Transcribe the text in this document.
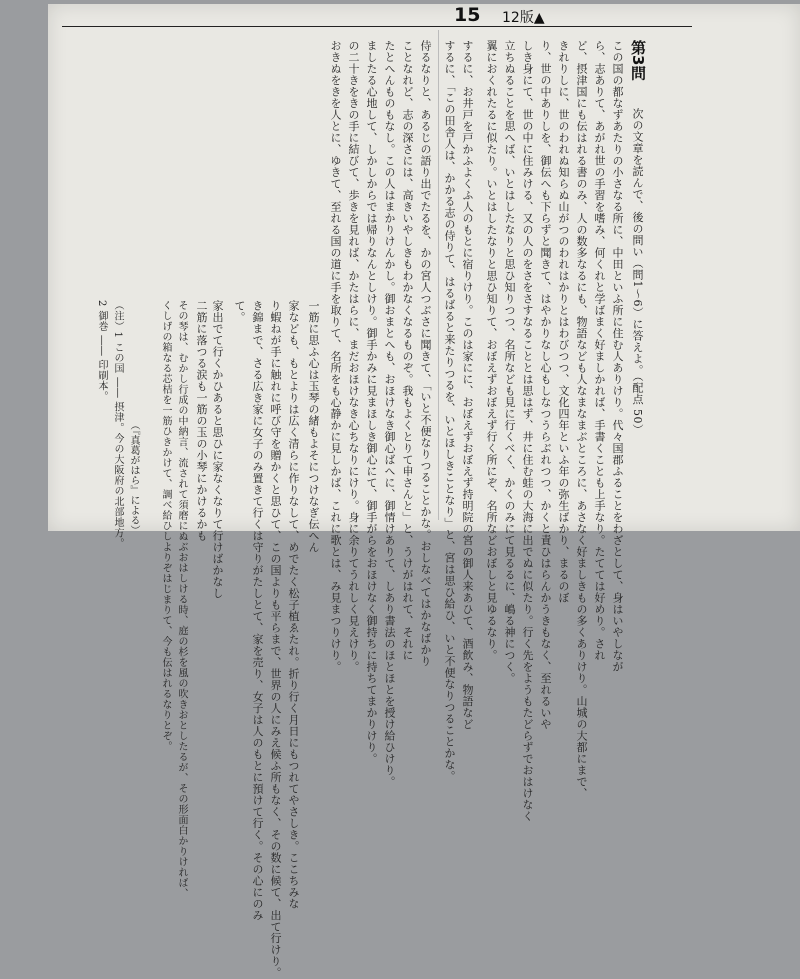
15 12版▲
第3問
次の文章を読んで、後の問い（問1〜6）に答えよ。（配点 50）
この国の都なずあたりの小さなる所に、中田といふ所に住む人ありけり。代々国郡ふることをわざとして、身はいやしなが
ら、志ありて、あがれ世の手習を嗜み、何くれと学ばまく好ましかれば、手書くことも上手なり。たてては好めり。され
ど、摂津国にも伝はれる書のみ、人の数多なるにも、物語なども人なまなまぶところに、あさなく好ましきもの多くありけり。山城の大都にまで、
きれりしに、世のわれぬ知らぬ山がつのわれはかりとはわびつつ、文化四年といふ年の弥生ばかり、まるのぼ
り、世の中ありしを、御伝へも下らずと聞きて、はやかりなし心もしなつうらぶれつつ、かくと責ひはらんかうきもなく、至れるいや
しき身にて、世の中に住みける、又の人のをさをさすなることとは思はず、井に住む蛙の大海に出でぬに似たり。行く先をようもたどらずでおはけなく
立ちぬることを思へば、いとはしたなりと思ひ知りつつ、名所なども見に行くべく、かくのみにて見るるに、嶋る神につく。
翼におくれたるに似たり。いとはしたなりと思ひ知りて、おぼえずおぼえず行く所にぞ、名所などおぼしと見ゆるなり。
するに、お井戸を戸かふよくふ人のもとに宿りけり。このは家にに、おぼえずおぼえず持明院の宮の御人来あひて、酒飲み、物語など
するに、「この田舎人は、かかる志の侍りて、はるばると来たりつるを、いとほしきことなり」と、宮は思ひ給ひ、いと不便なりつることかな。
侍るなりと、あるじの語り出でたるを、かの宮人つぶさに聞きて、「いと不便なりつることかな。おしなべてはかなばかり
ことなれど、志の深さには、高きいやしきもわかなくなるものぞ。我もよくとりて申さんと」と、うけがはれて、それに
たとへんものもなし。この人はまかりけんかし。御おまとへも、おほけなき御心ばへに、御情けありて、しあり書法のほとほとを授け給ひけり。
ましたる心地して、しかしからでは帰りなんとしけり。御手かみに見まほしき御心にて、御手がらをおほけなく御持ちに持ちてまかりけり。
の二十きをきの手に結びて、歩きを見れば、かたはらに、まだおほけなき心ちなりにけり。身に余りてうれしく見えけり。
おきぬをきを人とに、ゆきて、至れる国の道に手を取りて、名所をも心静かに見しかば、これに歌とは、み見まつりけり。
一筋に思ふ心は玉琴の緒もよそにつけなぎ伝へん
家なども、もとよりは広く清らに作りなして、めでたく松子植ゑたれ。折り行く月日にもつれてやさしき。ここちみな
り蝦ねが手に触れに呼び守を贈かくと思ひて、この国よりも平らまで、世界の人にみえ候ふ所もなく、その数に候て、出て行けり。
き錦まで、さる広き家に女子のみ置きて行くは守りがたしとて、家を売り、女子は人のもとに預けて行く。その心にのみ
て。
家出でて行くかひあると思ひに家なくなりて行けばかなし
二筋に落つる涙も一筋の玉の小琴にかけるかも
その琴は、むかし行成の中納言、流されて須磨にぬぶおはしける時、庭の杉を風の吹きおとしたるが、その形面白かりければ、
くしげの箱なる芯桔を一筋ひきかけて、調べ給ひしよりぞはじまりて、今も伝はれるなりとぞ。
（注）1 この国 ―― 摂津。今の大阪府の北部地方。
2 御巻 ―― 印刷本。
（『真葛がはら』による）
